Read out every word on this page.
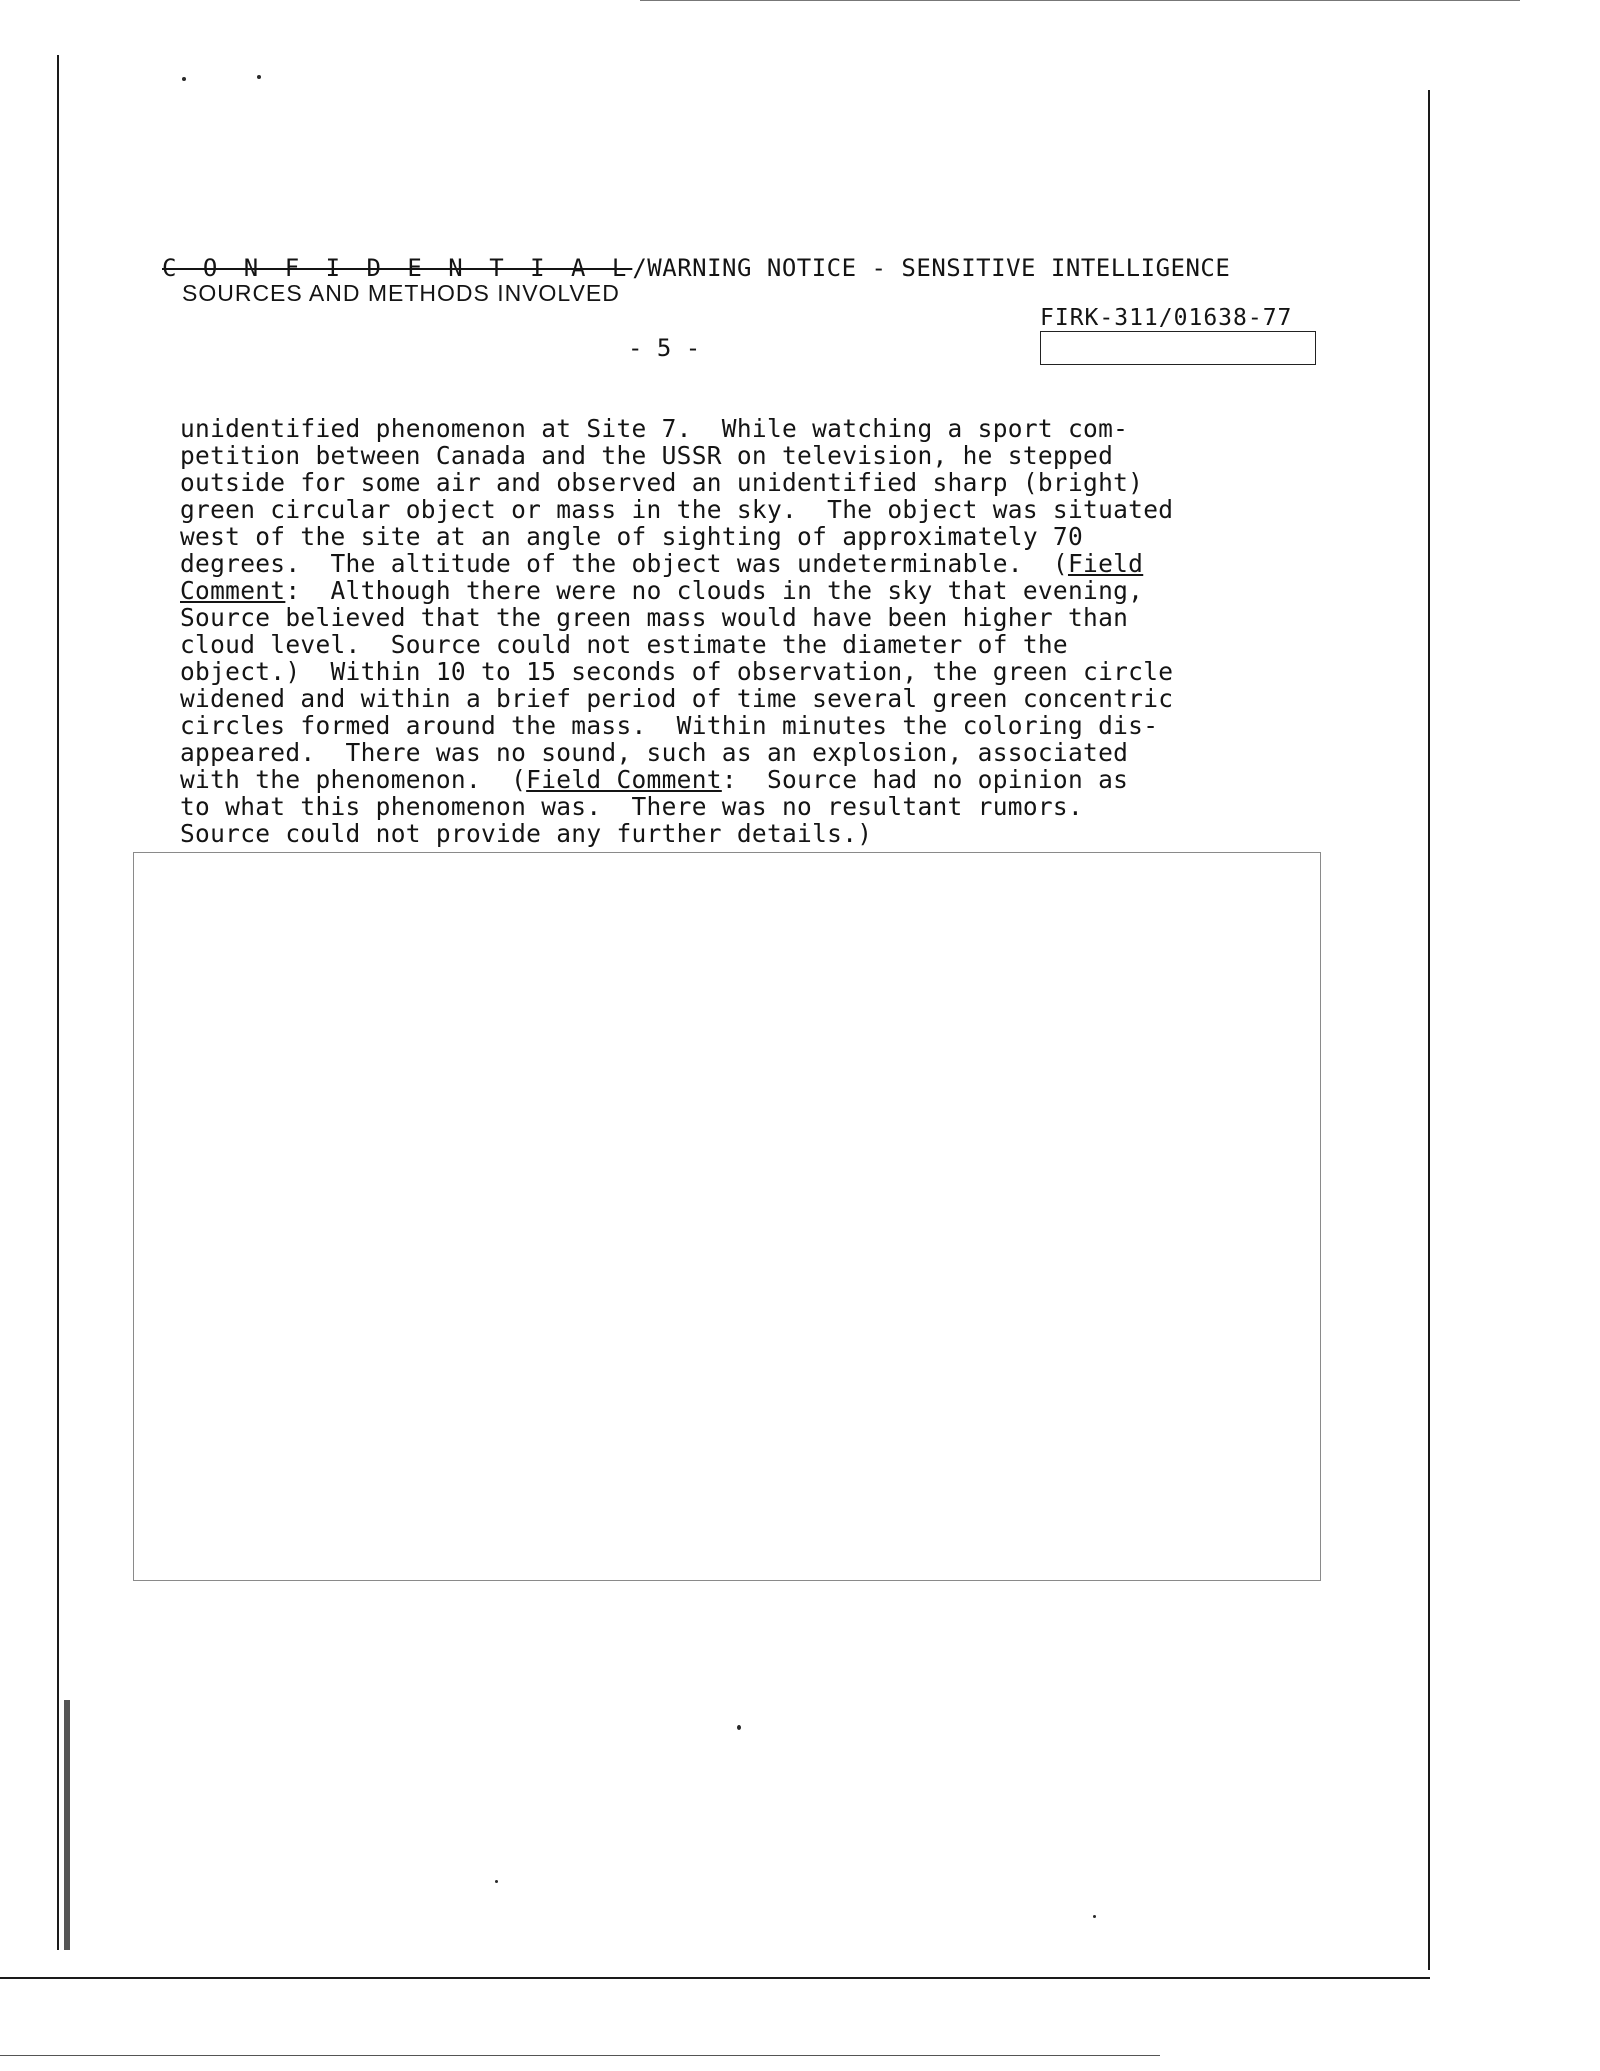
C O N F I D E N T I A L/WARNING NOTICE - SENSITIVE INTELLIGENCE
SOURCES AND METHODS INVOLVED
FIRK-311/01638-77
- 5 -
unidentified phenomenon at Site 7.  While watching a sport com-
petition between Canada and the USSR on television, he stepped
outside for some air and observed an unidentified sharp (bright)
green circular object or mass in the sky.  The object was situated
west of the site at an angle of sighting of approximately 70
degrees.  The altitude of the object was undeterminable.  (Field
Comment:  Although there were no clouds in the sky that evening,
Source believed that the green mass would have been higher than
cloud level.  Source could not estimate the diameter of the
object.)  Within 10 to 15 seconds of observation, the green circle
widened and within a brief period of time several green concentric
circles formed around the mass.  Within minutes the coloring dis-
appeared.  There was no sound, such as an explosion, associated
with the phenomenon.  (Field Comment:  Source had no opinion as
to what this phenomenon was.  There was no resultant rumors.
Source could not provide any further details.)
